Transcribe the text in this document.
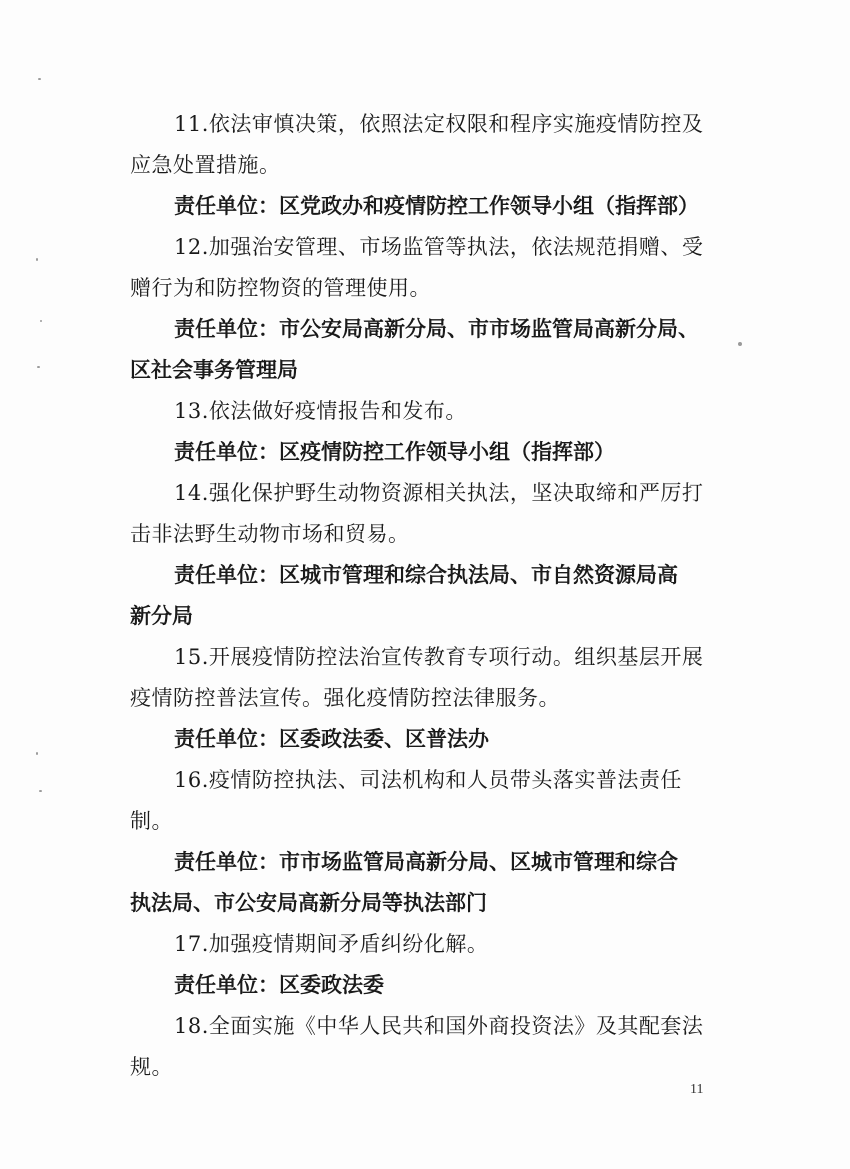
11.依法审慎决策，依照法定权限和程序实施疫情防控及
应急处置措施。
责任单位：区党政办和疫情防控工作领导小组（指挥部）
12.加强治安管理、市场监管等执法，依法规范捐赠、受
赠行为和防控物资的管理使用。
责任单位：市公安局高新分局、市市场监管局高新分局、
区社会事务管理局
13.依法做好疫情报告和发布。
责任单位：区疫情防控工作领导小组（指挥部）
14.强化保护野生动物资源相关执法，坚决取缔和严厉打
击非法野生动物市场和贸易。
责任单位：区城市管理和综合执法局、市自然资源局高
新分局
15.开展疫情防控法治宣传教育专项行动。组织基层开展
疫情防控普法宣传。强化疫情防控法律服务。
责任单位：区委政法委、区普法办
16.疫情防控执法、司法机构和人员带头落实普法责任
制。
责任单位：市市场监管局高新分局、区城市管理和综合
执法局、市公安局高新分局等执法部门
17.加强疫情期间矛盾纠纷化解。
责任单位：区委政法委
18.全面实施《中华人民共和国外商投资法》及其配套法
规。
11
